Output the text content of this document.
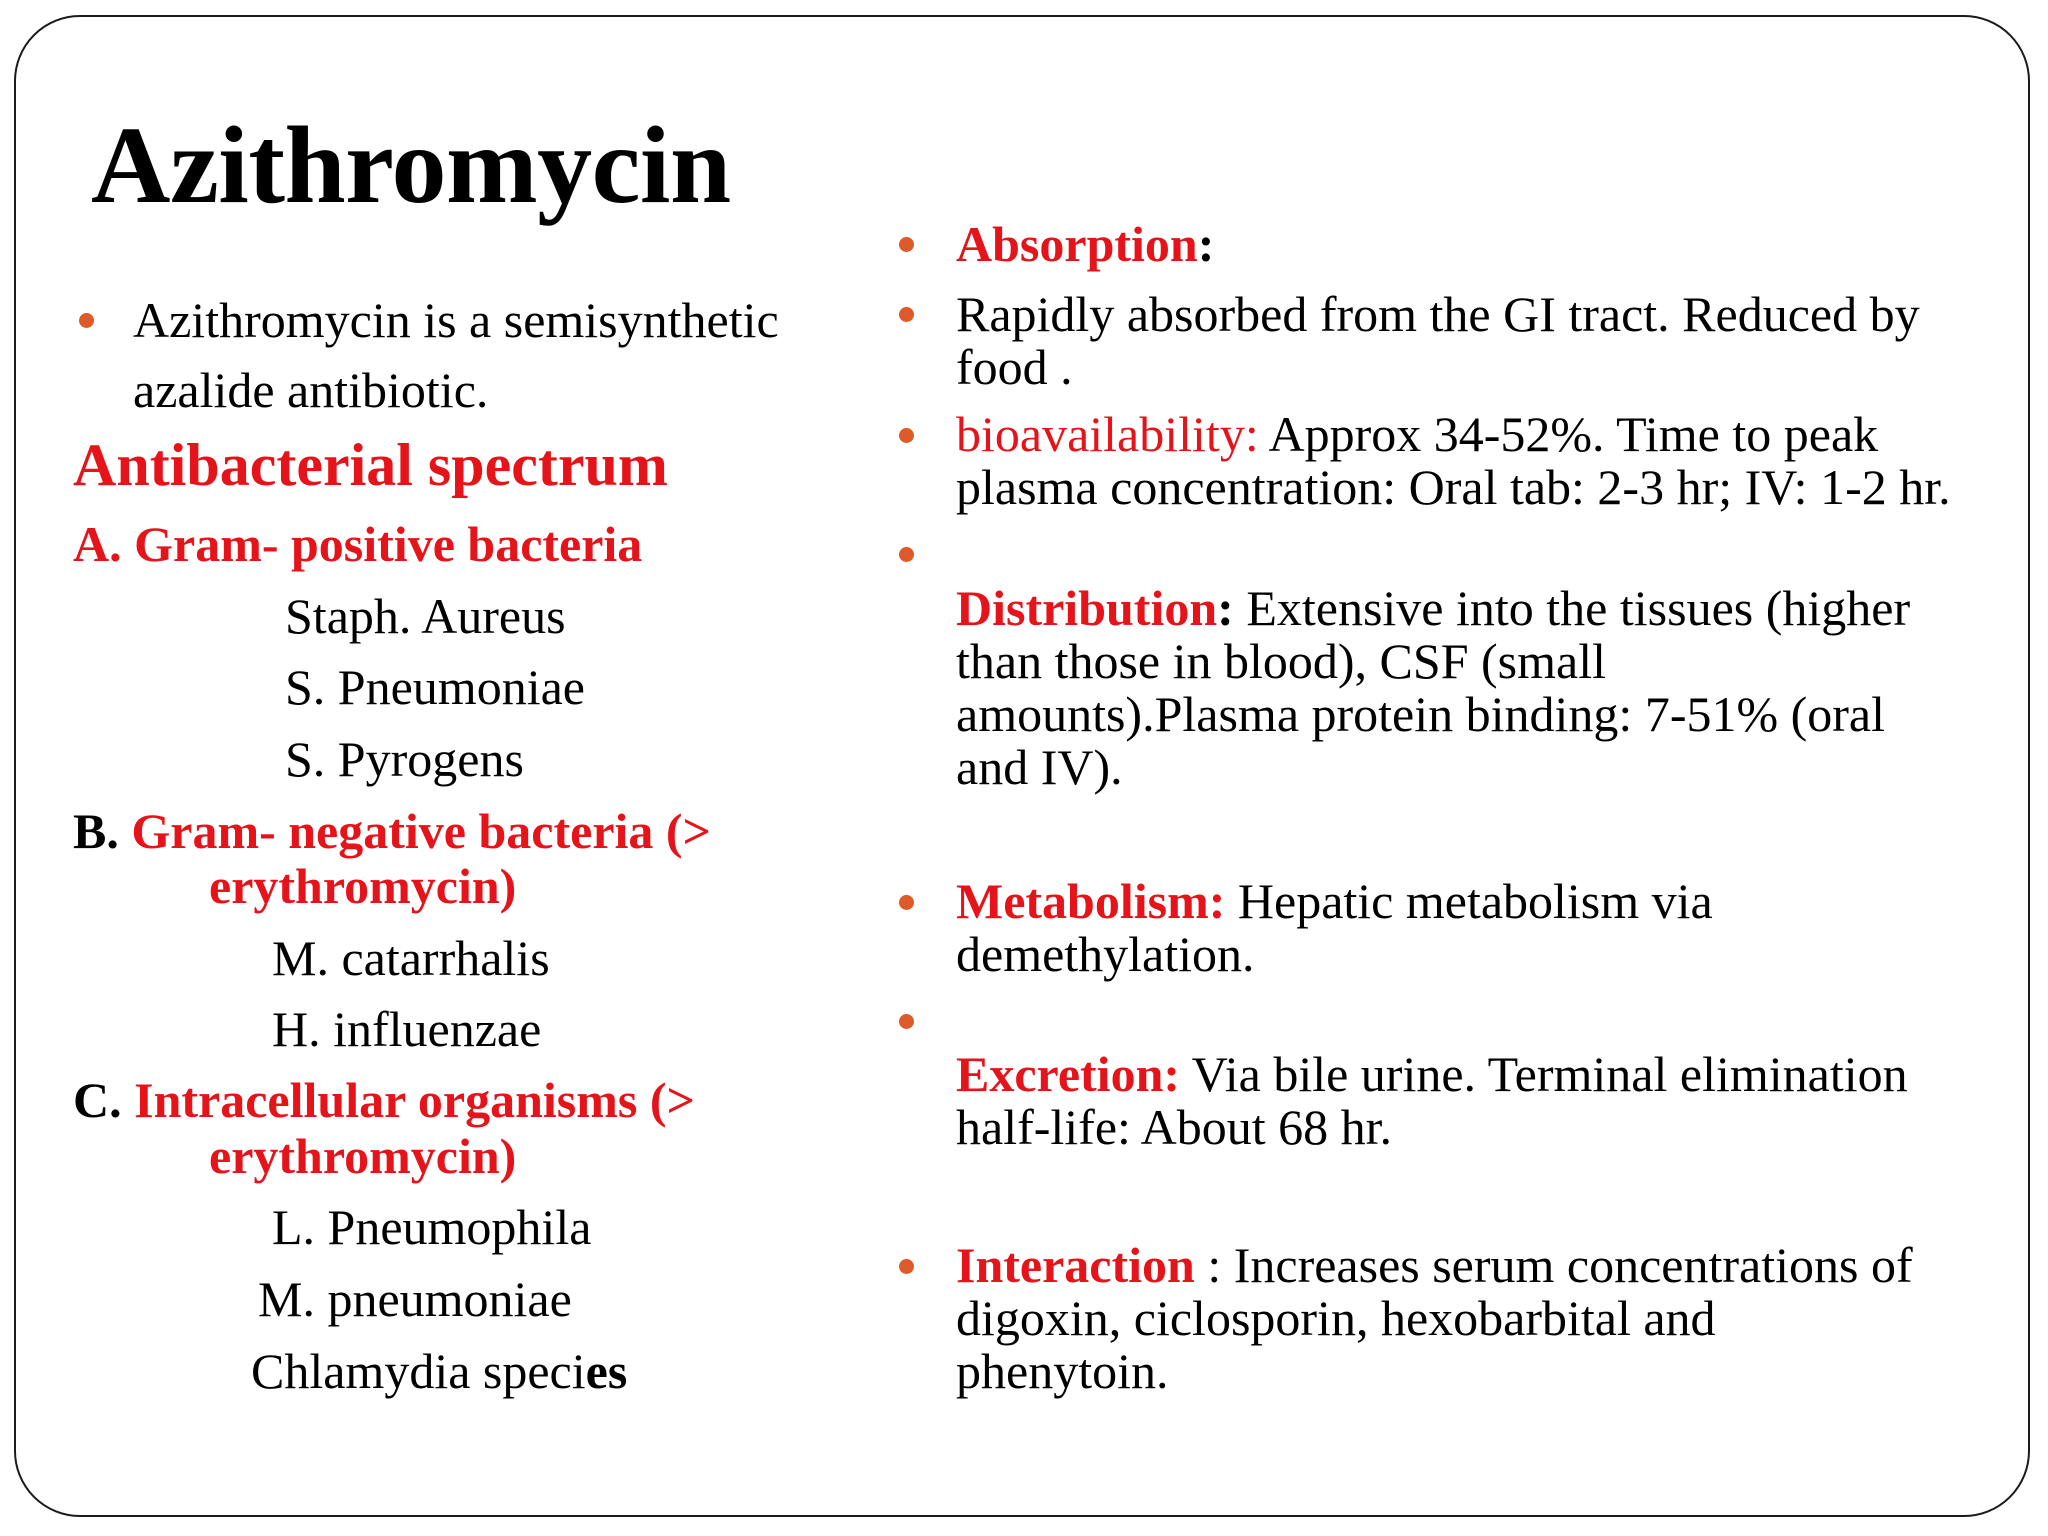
Azithromycin
Azithromycin is a semisynthetic
azalide antibiotic.
Antibacterial spectrum
A. Gram- positive bacteria
Staph. Aureus
S. Pneumoniae
S. Pyrogens
B. Gram- negative bacteria (>
erythromycin)
M. catarrhalis
H. influenzae
C. Intracellular organisms (>
erythromycin)
L. Pneumophila
M. pneumoniae
Chlamydia species
Absorption:
Rapidly absorbed from the GI tract. Reduced by
food .
bioavailability: Approx 34-52%. Time to peak
plasma concentration: Oral tab: 2-3 hr; IV: 1-2 hr.
Distribution: Extensive into the tissues (higher
than those in blood), CSF (small
amounts).Plasma protein binding: 7-51% (oral
and IV).
Metabolism: Hepatic metabolism via
demethylation.
Excretion: Via bile urine. Terminal elimination
half-life: About 68 hr.
Interaction : Increases serum concentrations of
digoxin, ciclosporin, hexobarbital and
phenytoin.
